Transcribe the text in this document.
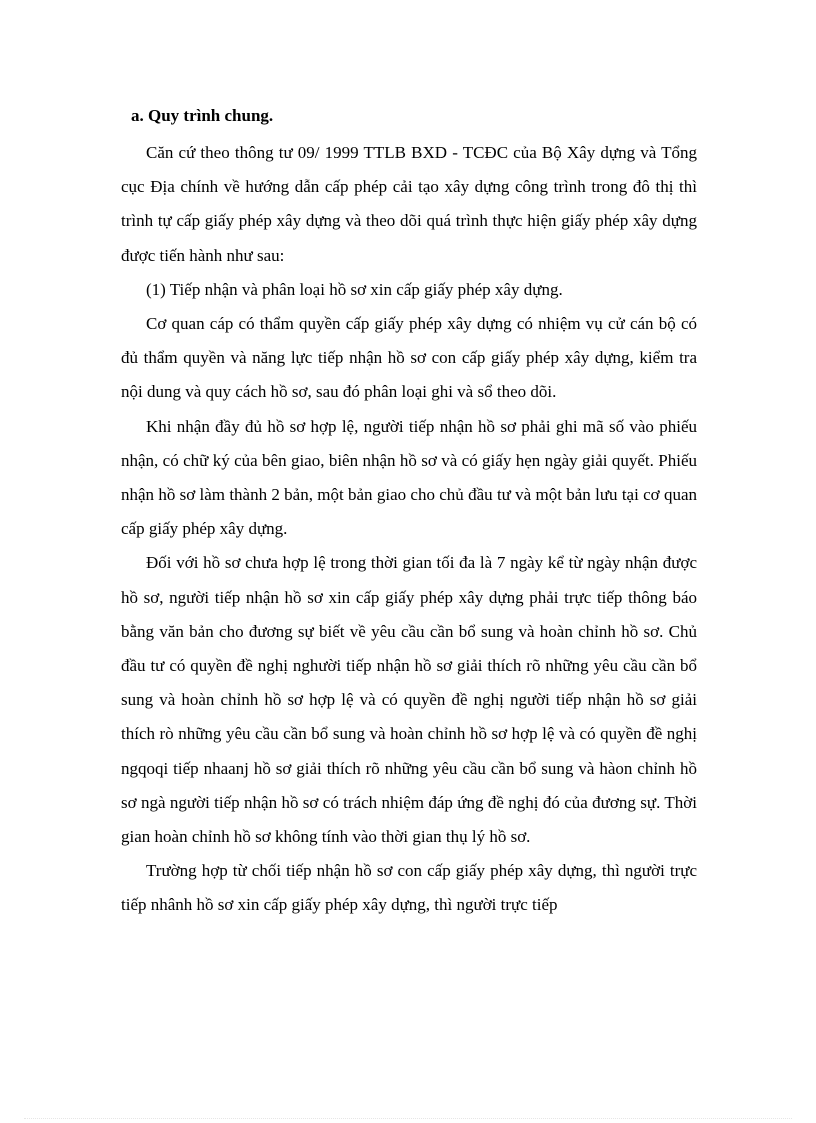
a. Quy trình chung.

Căn cứ theo thông tư 09/ 1999 TTLB BXD - TCĐC của Bộ Xây dựng và Tổng cục Địa chính về hướng dẫn cấp phép cải tạo xây dựng công trình trong đô thị thì trình tự cấp giấy phép xây dựng và theo dõi quá trình thực hiện giấy phép xây dựng được tiến hành như sau:

(1) Tiếp nhận và phân loại hồ sơ xin cấp giấy phép xây dựng.

Cơ quan cáp có thẩm quyền cấp giấy phép xây dựng có nhiệm vụ cử cán bộ có đủ thẩm quyền và năng lực tiếp nhận hồ sơ con cấp giấy phép xây dựng, kiểm tra nội dung và quy cách hồ sơ, sau đó phân loại ghi và sổ theo dõi.

Khi nhận đầy đủ hồ sơ hợp lệ, người tiếp nhận hồ sơ phải ghi mã số vào phiếu nhận, có chữ ký của bên giao, biên nhận hồ sơ và có giấy hẹn ngày giải quyết. Phiếu nhận hồ sơ làm thành 2 bản, một bản giao cho chủ đầu tư và một bản lưu tại cơ quan cấp giấy phép xây dựng.

Đối với hồ sơ chưa hợp lệ trong thời gian tối đa là 7 ngày kể từ ngày nhận được hồ sơ, người tiếp nhận hồ sơ xin cấp giấy phép xây dựng phải trực tiếp thông báo bằng văn bản cho đương sự biết về yêu cầu cần bổ sung và hoàn chỉnh hồ sơ. Chủ đầu tư có quyền đề nghị nghười tiếp nhận hồ sơ giải thích rõ những yêu cầu cần bổ sung và hoàn chỉnh hồ sơ hợp lệ và có quyền đề nghị người tiếp nhận hồ sơ giải thích rò những yêu cầu cần bổ sung và hoàn chỉnh hồ sơ hợp lệ và có quyền đề nghị ngqoqi tiếp nhaanj hồ sơ giải thích rõ những yêu cầu cần bổ sung và hàon chỉnh hồ sơ ngà người tiếp nhận hồ sơ có trách nhiệm đáp ứng đề nghị đó của đương sự. Thời gian hoàn chỉnh hồ sơ không tính vào thời gian thụ lý hồ sơ.

Trường hợp từ chối tiếp nhận hồ sơ con cấp giấy phép xây dựng, thì người trực tiếp nhânh hồ sơ xin cấp giấy phép xây dựng, thì người trực tiếp
